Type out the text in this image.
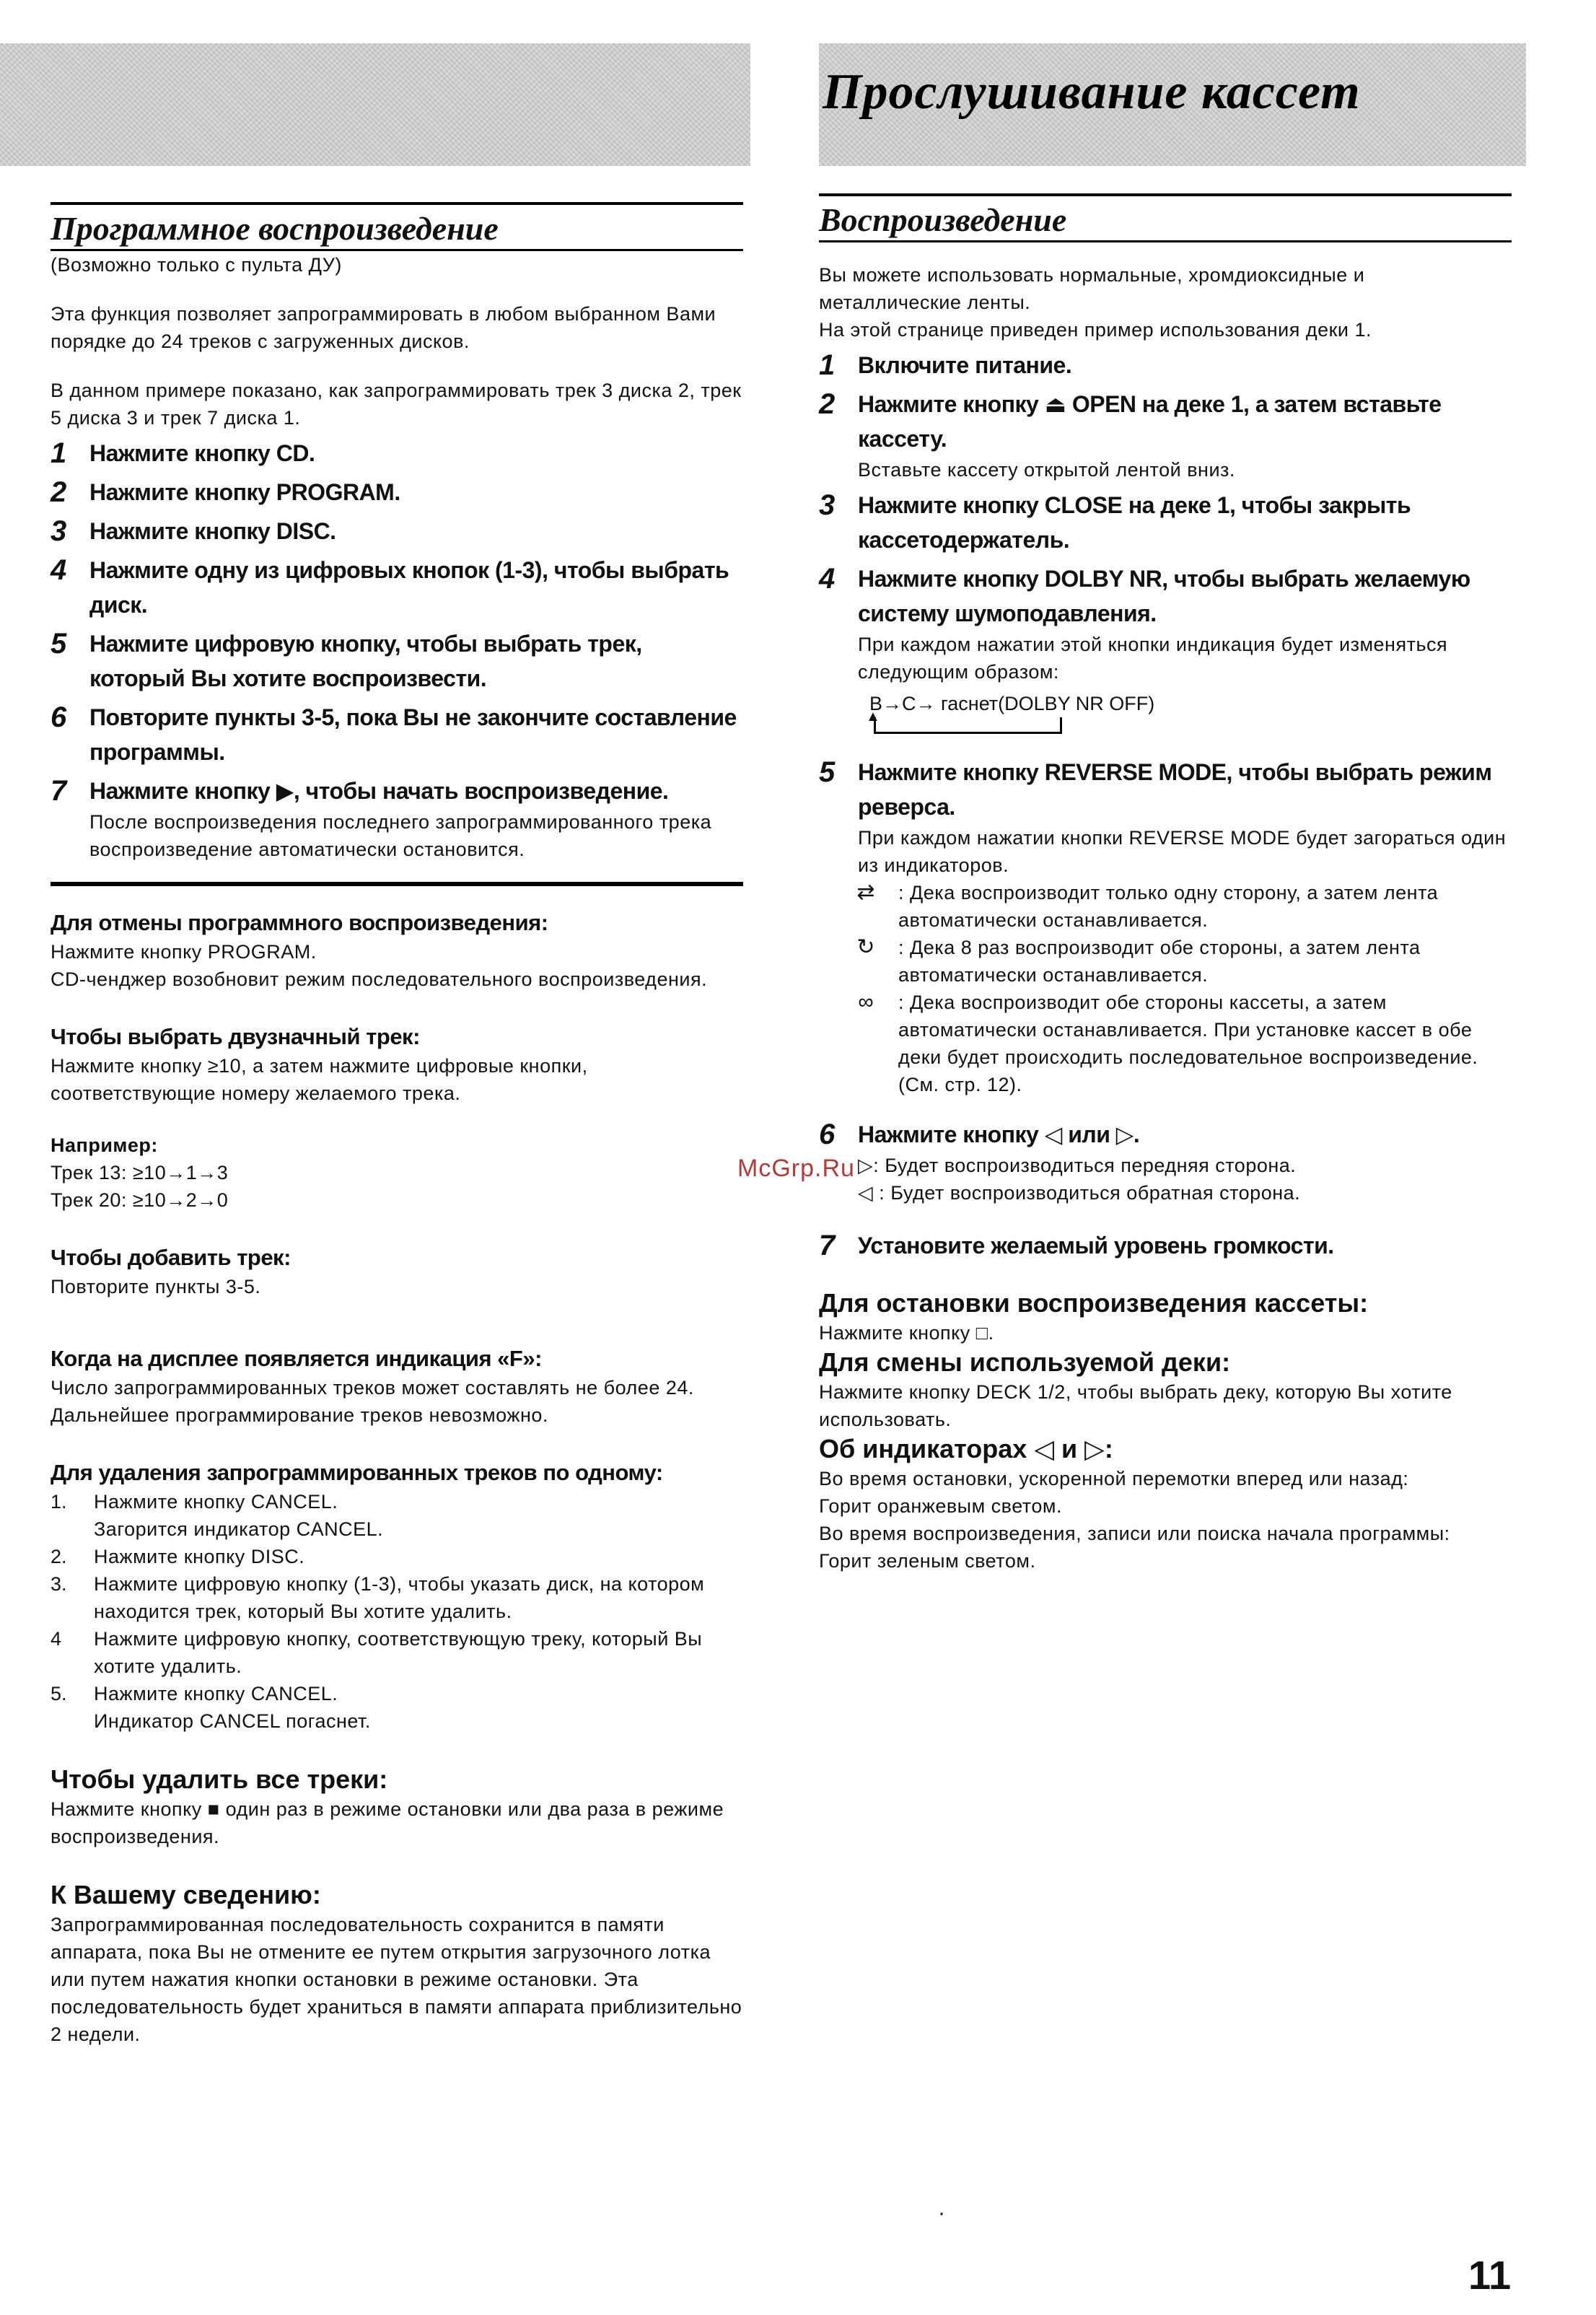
Прослушивание кассет
Программное воспроизведение

(Возможно только с пульта ДУ)

Эта функция позволяет запрограммировать в любом выбранном Вами порядке до 24 треков с загруженных дисков.

В данном примере показано, как запрограммировать трек 3 диска 2, трек 5 диска 3 и трек 7 диска 1.

1 Нажмите кнопку CD.
2 Нажмите кнопку PROGRAM.
3 Нажмите кнопку DISC.
4 Нажмите одну из цифровых кнопок (1-3), чтобы выбрать диск.
5 Нажмите цифровую кнопку, чтобы выбрать трек, который Вы хотите воспроизвести.
6 Повторите пункты 3-5, пока Вы не закончите составление программы.
7 Нажмите кнопку ▶, чтобы начать воспроизведение.
После воспроизведения последнего запрограммированного трека воспроизведение автоматически остановится.
Для отмены программного воспроизведения:

Нажмите кнопку PROGRAM.

CD-ченджер возобновит режим последовательного воспроизведения.

Чтобы выбрать двузначный трек:

Нажмите кнопку ≥10, а затем нажмите цифровые кнопки, соответствующие номеру желаемого трека.

Например:

Трек 13: ≥10→1→3

Трек 20: ≥10→2→0

Чтобы добавить трек:

Повторите пункты 3-5.

Когда на дисплее появляется индикация «F»:

Число запрограммированных треков может составлять не более 24. Дальнейшее программирование треков невозможно.

Для удаления запрограммированных треков по одному:
1.	Нажмите кнопку CANCEL.
Загорится индикатор CANCEL.
2.	Нажмите кнопку DISC.
3.	Нажмите цифровую кнопку (1-3), чтобы указать диск, на котором находится трек, который Вы хотите удалить.
4	Нажмите цифровую кнопку, соответствующую треку, который Вы хотите удалить.
5.	Нажмите кнопку CANCEL.
Индикатор CANCEL погаснет.
Чтобы удалить все треки:

Нажмите кнопку ■ один раз в режиме остановки или два раза в режиме воспроизведения.

К Вашему сведению:

Запрограммированная последовательность сохранится в памяти аппарата, пока Вы не отмените ее путем открытия загрузочного лотка или путем нажатия кнопки остановки в режиме остановки. Эта последовательность будет храниться в памяти аппарата приблизительно 2 недели.

Воспроизведение

Вы можете использовать нормальные, хромдиоксидные и металлические ленты.

На этой странице приведен пример использования деки 1.

1 Включите питание.
2 Нажмите кнопку ⏏ OPEN на деке 1, а затем вставьте кассету.
Вставьте кассету открытой лентой вниз.
3 Нажмите кнопку CLOSE на деке 1, чтобы закрыть кассетодержатель.
4 Нажмите кнопку DOLBY NR, чтобы выбрать желаемую систему шумоподавления.
При каждом нажатии этой кнопки индикация будет изменяться следующим образом:
B→C→ гаснет(DOLBY NR OFF)
▲
5 Нажмите кнопку REVERSE MODE, чтобы выбрать режим реверса.
При каждом нажатии кнопки REVERSE MODE будет загораться один из индикаторов.
⇄	: Дека воспроизводит только одну сторону, а затем лента автоматически останавливается.
↻	: Дека 8 раз воспроизводит обе стороны, а затем лента автоматически останавливается.
∞	: Дека воспроизводит обе стороны кассеты, а затем автоматически останавливается. При установке кассет в обе деки будет происходить последовательное воспроизведение. (См. стр. 12).
6 Нажмите кнопку ◁ или ▷.
▷: Будет воспроизводиться передняя сторона.
◁ : Будет воспроизводиться обратная сторона.
7 Установите желаемый уровень громкости.
Для остановки воспроизведения кассеты:

Нажмите кнопку □.

Для смены используемой деки:

Нажмите кнопку DECK 1/2, чтобы выбрать деку, которую Вы хотите использовать.

Об индикаторах ◁ и ▷:

Во время остановки, ускоренной перемотки вперед или назад:

Горит оранжевым светом.

Во время воспроизведения, записи или поиска начала программы:

Горит зеленым светом.

McGrp.Ru
·
11
